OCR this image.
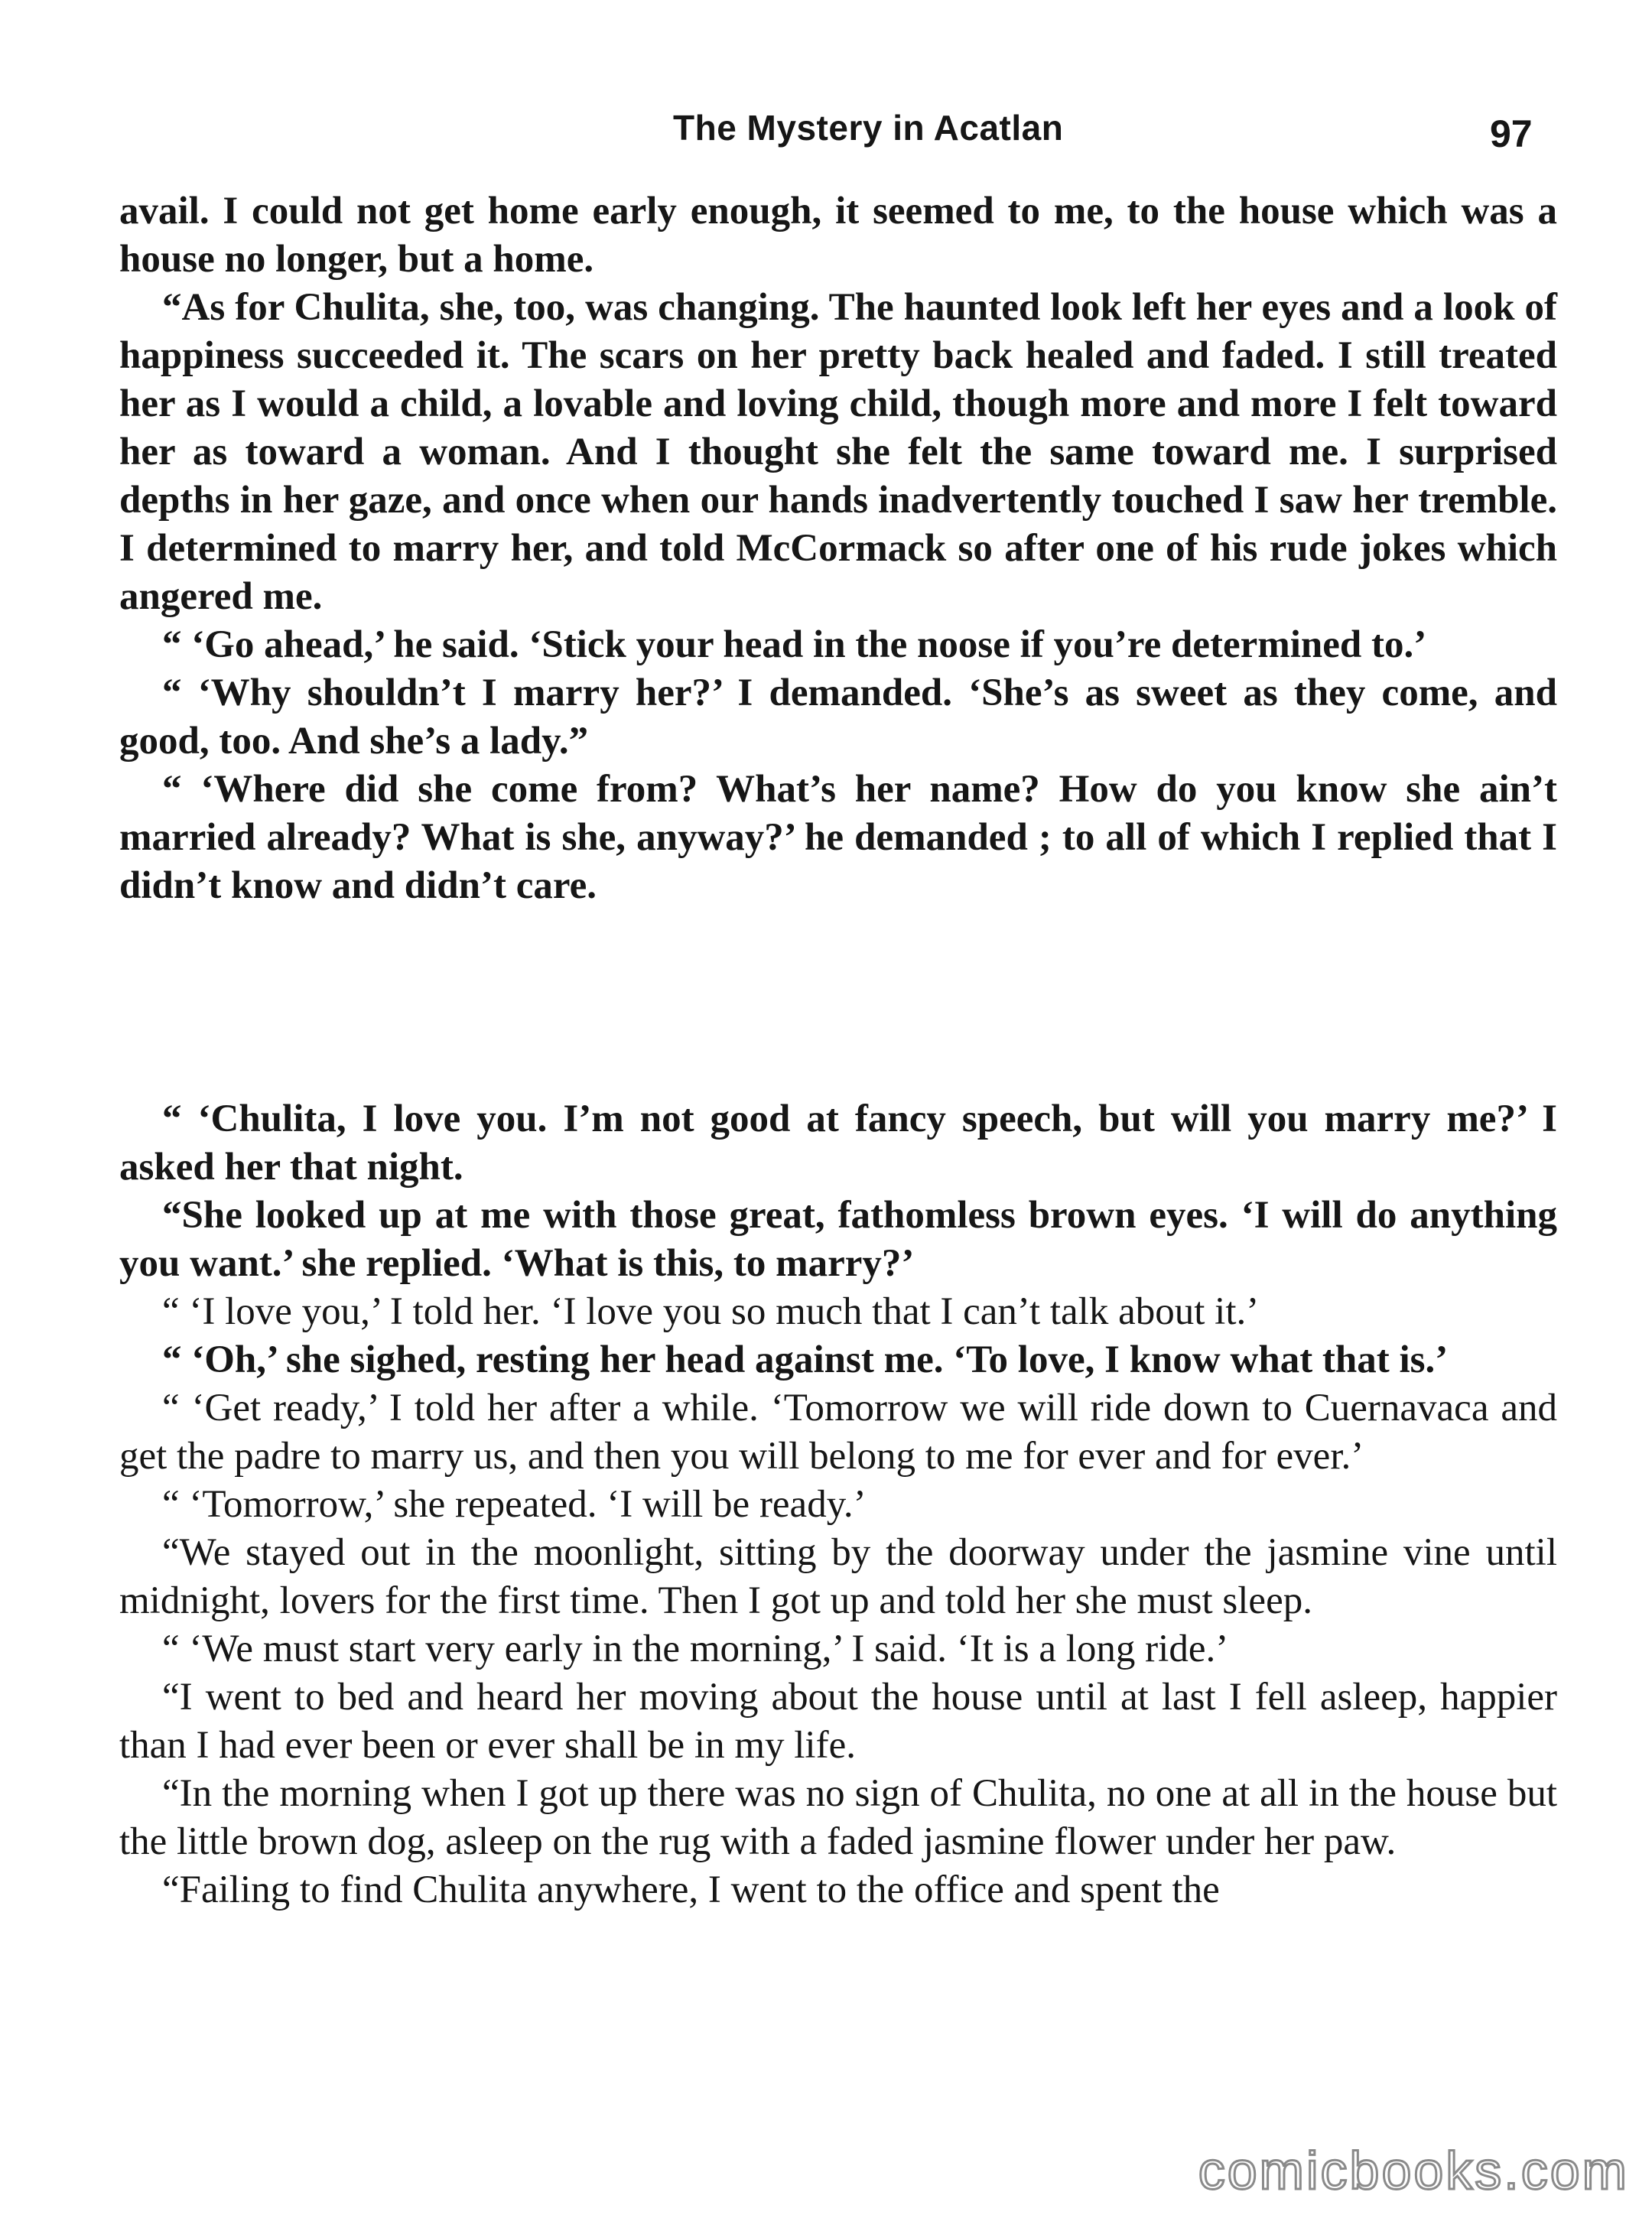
The Mystery in Acatlan	97

avail. I could not get home early enough, it seemed to me, to the house which was a house no longer, but a home.

“As for Chulita, she, too, was changing. The haunted look left her eyes and a look of happiness succeeded it. The scars on her pretty back healed and faded. I still treated her as I would a child, a lovable and loving child, though more and more I felt toward her as toward a woman. And I thought she felt the same toward me. I surprised depths in her gaze, and once when our hands inadvertently touched I saw her tremble. I determined to marry her, and told McCormack so after one of his rude jokes which angered me.

“ ‘Go ahead,’ he said. ‘Stick your head in the noose if you’re determined to.’

“ ‘Why shouldn’t I marry her?’ I demanded. ‘She’s as sweet as they come, and good, too. And she’s a lady.”

“ ‘Where did she come from? What’s her name? How do you know she ain’t married already? What is she, anyway?’ he demanded ; to all of which I replied that I didn’t know and didn’t care.

“ ‘Chulita, I love you. I’m not good at fancy speech, but will you marry me?’ I asked her that night.

“She looked up at me with those great, fathomless brown eyes. ‘I will do anything you want.’ she replied. ‘What is this, to marry?’

“ ‘I love you,’ I told her. ‘I love you so much that I can’t talk about it.’

“ ‘Oh,’ she sighed, resting her head against me. ‘To love, I know what that is.’

“ ‘Get ready,’ I told her after a while. ‘Tomorrow we will ride down to Cuernavaca and get the padre to marry us, and then you will belong to me for ever and for ever.’

“ ‘Tomorrow,’ she repeated. ‘I will be ready.’

“We stayed out in the moonlight, sitting by the doorway under the jasmine vine until midnight, lovers for the first time. Then I got up and told her she must sleep.

“ ‘We must start very early in the morning,’ I said. ‘It is a long ride.’

“I went to bed and heard her moving about the house until at last I fell asleep, happier than I had ever been or ever shall be in my life.

“In the morning when I got up there was no sign of Chulita, no one at all in the house but the little brown dog, asleep on the rug with a faded jasmine flower under her paw.

“Failing to find Chulita anywhere, I went to the office and spent the

comicbooks.com
